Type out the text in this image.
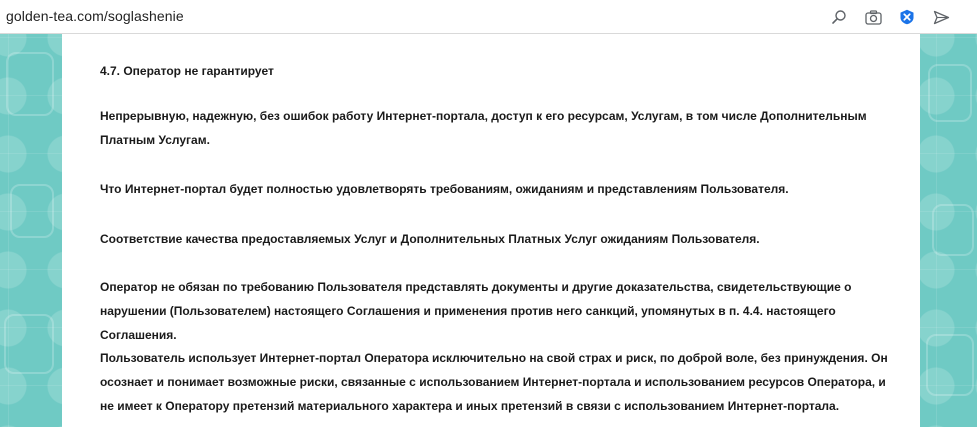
golden-tea.com/soglashenie
4.7. Оператор не гарантирует
Непрерывную, надежную, без ошибок работу Интернет-портала, доступ к его ресурсам, Услугам, в том числе Дополнительным Платным Услугам.
Что Интернет-портал будет полностью удовлетворять требованиям, ожиданиям и представлениям Пользователя.
Соответствие качества предоставляемых Услуг и Дополнительных Платных Услуг ожиданиям Пользователя.
Оператор не обязан по требованию Пользователя представлять документы и другие доказательства, свидетельствующие о нарушении (Пользователем) настоящего Соглашения и применения против него санкций, упомянутых в п. 4.4. настоящего Соглашения.
Пользователь использует Интернет-портал Оператора исключительно на свой страх и риск, по доброй воле, без принуждения. Он осознает и понимает возможные риски, связанные с использованием Интернет-портала и использованием ресурсов Оператора, и не имеет к Оператору претензий материального характера и иных претензий в связи с использованием Интернет-портала.
